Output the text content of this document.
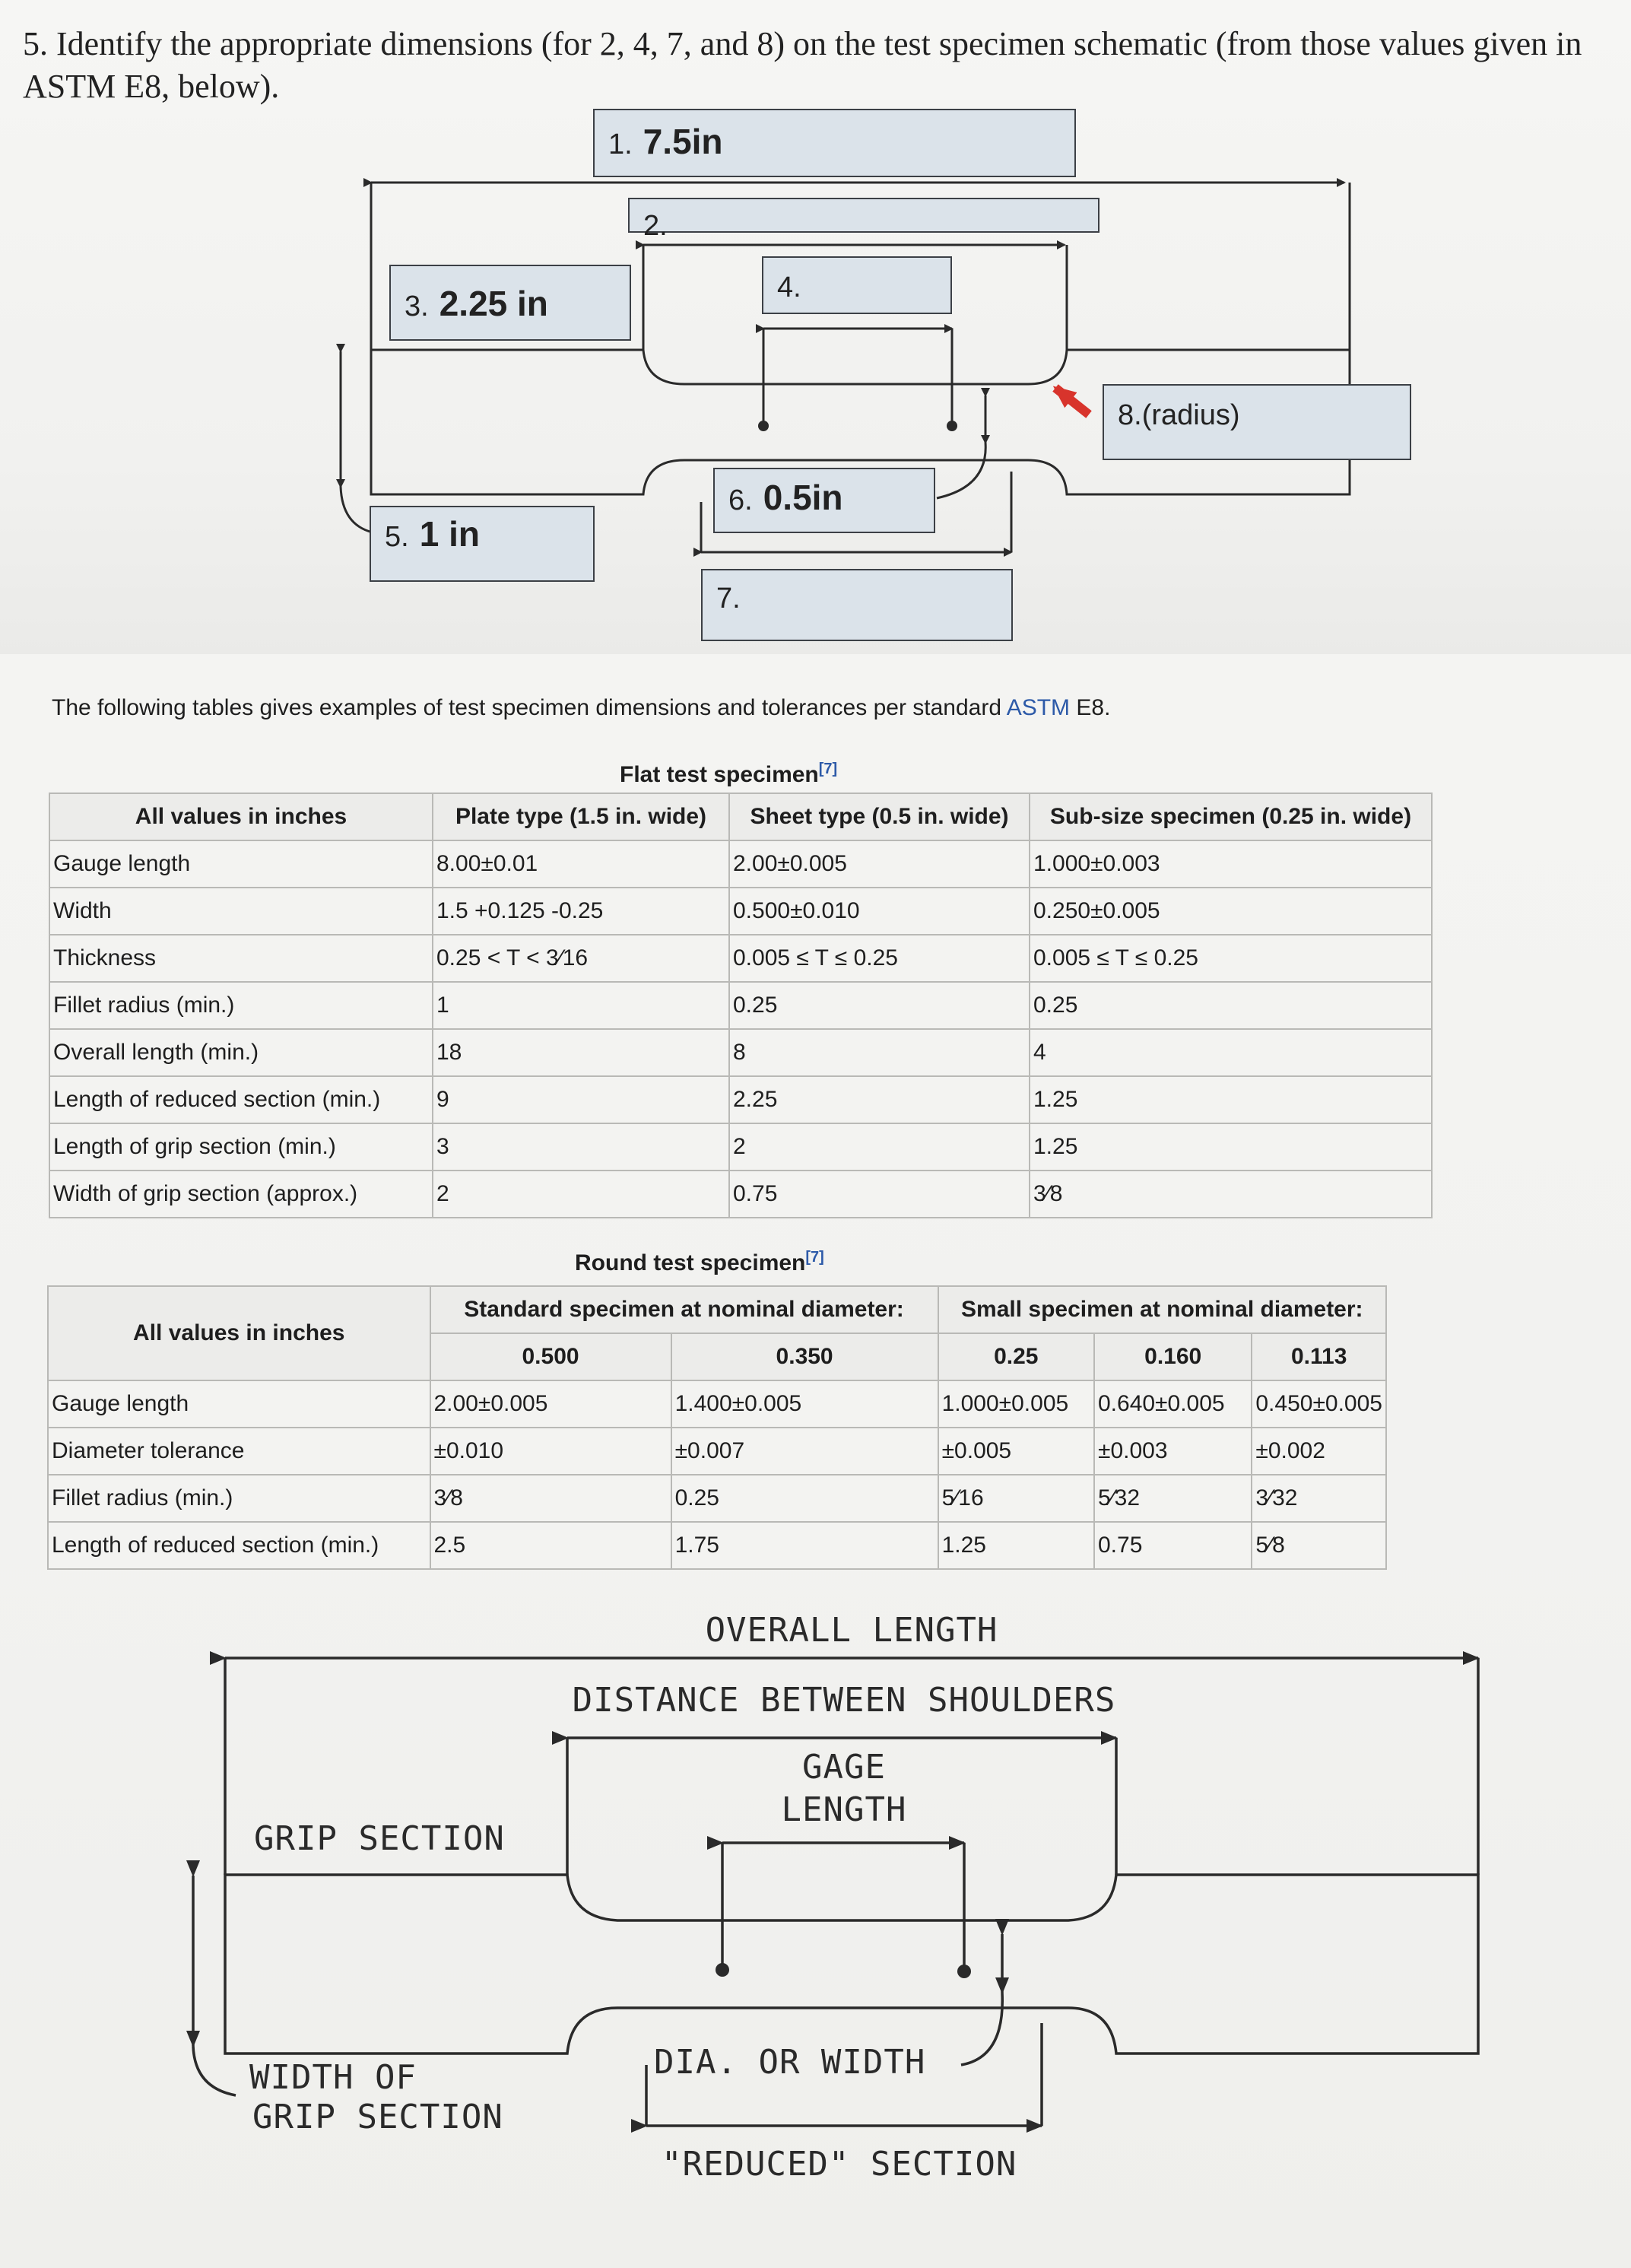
5. Identify the appropriate dimensions (for 2, 4, 7, and 8) on the test specimen schematic (from those values given in ASTM E8, below).
1. 7.5in
2.
3. 2.25 in	4.
5. 1 in
6. 0.5in
7.
8.(radius)
The following tables gives examples of test specimen dimensions and tolerances per standard ASTM E8.
Flat test specimen[7]
All values in inches	Plate type (1.5 in. wide)	Sheet type (0.5 in. wide)	Sub-size specimen (0.25 in. wide)
Gauge length	8.00±0.01	2.00±0.005	1.000±0.003
Width	1.5 +0.125 -0.25	0.500±0.010	0.250±0.005
Thickness	0.25 < T < 3⁄16	0.005 ≤ T ≤ 0.25	0.005 ≤ T ≤ 0.25
Fillet radius (min.)	1	0.25	0.25
Overall length (min.)	18	8	4
Length of reduced section (min.)	9	2.25	1.25
Length of grip section (min.)	3	2	1.25
Width of grip section (approx.)	2	0.75	3⁄8
Round test specimen[7]
All values in inches	Standard specimen at nominal diameter:		Small specimen at nominal diameter:		
	0.500	0.350	0.25	0.160	0.113
Gauge length	2.00±0.005	1.400±0.005	1.000±0.005	0.640±0.005	0.450±0.005
Diameter tolerance	±0.010	±0.007	±0.005	±0.003	±0.002
Fillet radius (min.)	3⁄8	0.25	5⁄16	5⁄32	3⁄32
Length of reduced section (min.)	2.5	1.75	1.25	0.75	5⁄8
OVERALL LENGTH
DISTANCE BETWEEN SHOULDERS
GAGE
LENGTH
GRIP SECTION
WIDTH OF
GRIP SECTION
DIA. OR WIDTH
"REDUCED" SECTION
